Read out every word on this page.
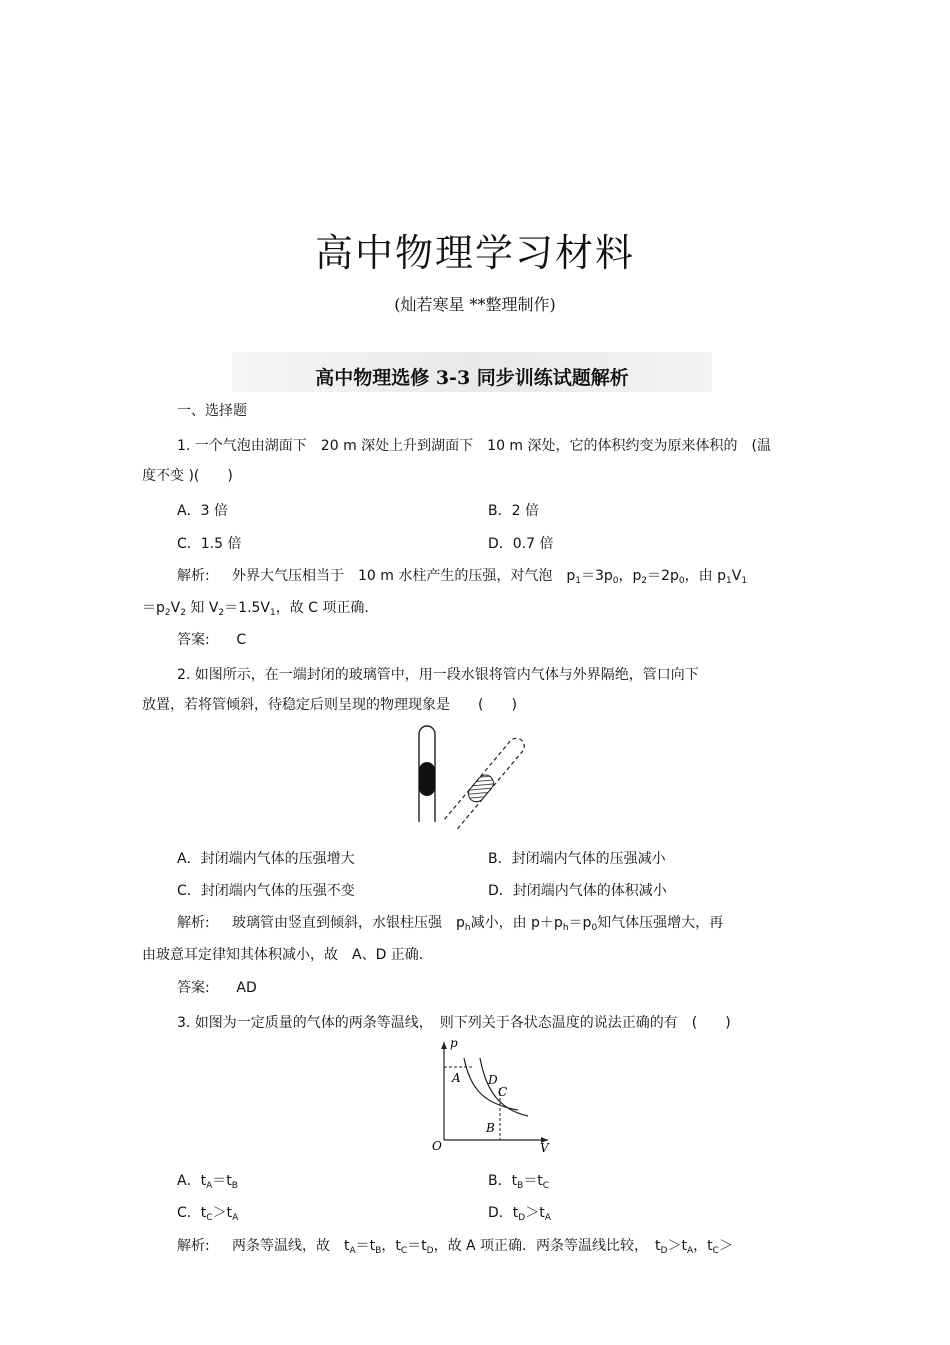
高中物理学习材料
(灿若寒星 **整理制作)
高中物理选修 3-3 同步训练试题解析
一、选择题
1. 一个气泡由湖面下　20 m 深处上升到湖面下　10 m 深处，它的体积约变为原来体积的　(温
度不变 )(　　)
A．3 倍	B．2 倍
C．1.5 倍	D．0.7 倍
解析: 外界大气压相当于　10 m 水柱产生的压强，对气泡　$p_1=3p_0$，$p_2=2p_0$，由 $p_1V_1$
$=p_2V_2$ 知 $V_2=1.5V_1$，故 C 项正确.
答案: C
2. 如图所示，在一端封闭的玻璃管中，用一段水银将管内气体与外界隔绝，管口向下
放置，若将管倾斜，待稳定后则呈现的物理现象是　　(　　)
A．封闭端内气体的压强增大	B．封闭端内气体的压强减小
C．封闭端内气体的压强不变	D．封闭端内气体的体积减小
解析: 玻璃管由竖直到倾斜，水银柱压强　$p_h$减小，由 $p+p_h=p_0$知气体压强增大，再
由玻意耳定律知其体积减小，故　A、D 正确.
答案: AD
3. 如图为一定质量的气体的两条等温线，　则下列关于各状态温度的说法正确的有　(　　)
p
V
O
A D
C
B
A．$t_A=t_B$	B．$t_B=t_C$
C．$t_C>t_A$	D．$t_D>t_A$
解析: 两条等温线，故　$t_A=t_B$，$t_C=t_D$，故 A 项正确．两条等温线比较，　$t_D>t_A$，$t_C>$
